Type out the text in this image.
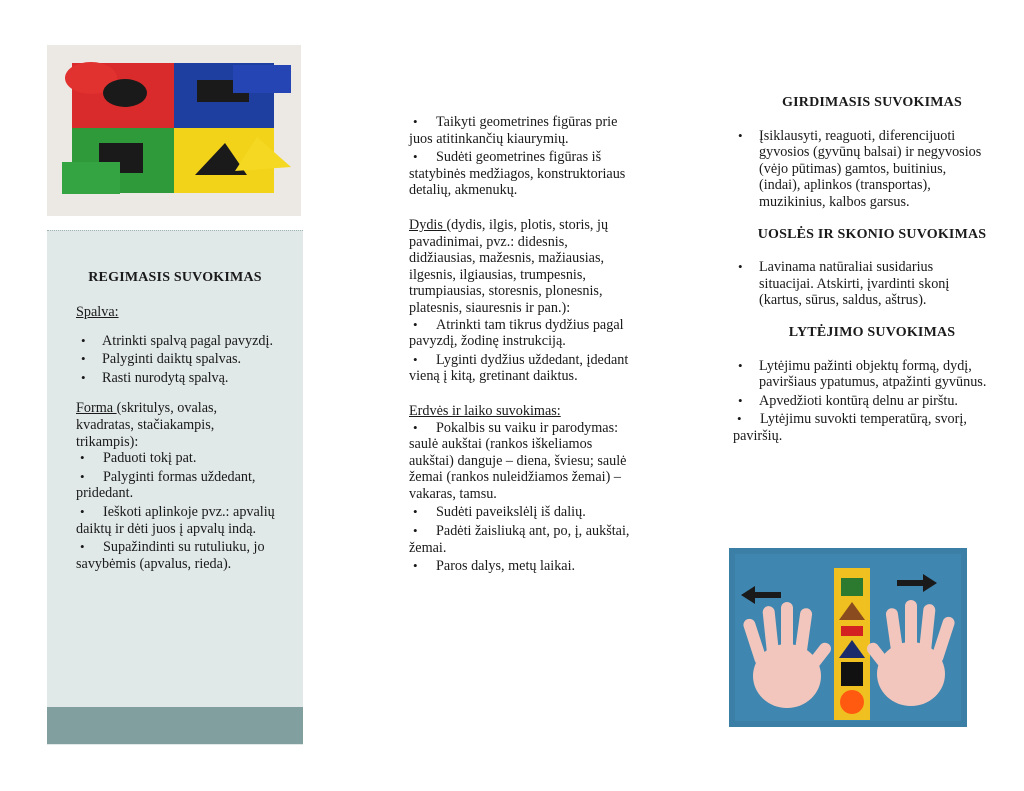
REGIMASIS SUVOKIMAS

Spalva:

• Atrinkti spalvą pagal pavyzdį.
• Palyginti daiktų spalvas.
• Rasti nurodytą spalvą.

Forma (skritulys, ovalas, kvadratas, stačiakampis, trikampis):

• Paduoti tokį pat.
• Palyginti formas uždedant, pridedant.
• Ieškoti aplinkoje pvz.: apvalių daiktų ir dėti juos į apvalų indą.
• Supažindinti su rutuliuku, jo savybėmis (apvalus, rieda).
• Taikyti geometrines figūras prie juos atitinkančių kiaurymių.
• Sudėti geometrines figūras iš statybinės medžiagos, konstruktoriaus detalių, akmenukų.

Dydis (dydis, ilgis, plotis, storis, jų pavadinimai, pvz.: didesnis, didžiausias, mažesnis, mažiausias, ilgesnis, ilgiausias, trumpesnis, trumpiausias, storesnis, plonesnis, platesnis, siauresnis ir pan.):

• Atrinkti tam tikrus dydžius pagal pavyzdį, žodinę instrukciją.
• Lyginti dydžius uždedant, įdedant vieną į kitą, gretinant daiktus.

Erdvės ir laiko suvokimas:

• Pokalbis su vaiku ir parodymas: saulė aukštai (rankos iškeliamos aukštai) danguje – diena, šviesu; saulė žemai (rankos nuleidžiamos žemai) – vakaras, tamsu.
• Sudėti paveikslėlį iš dalių.
• Padėti žaisliuką ant, po, į, aukštai, žemai.
• Paros dalys, metų laikai.

GIRDIMASIS SUVOKIMAS

• Įsiklausyti, reaguoti, diferencijuoti gyvosios (gyvūnų balsai) ir negyvosios (vėjo pūtimas) gamtos, buitinius, (indai), aplinkos (transportas), muzikinius, kalbos garsus.

UOSLĖS IR SKONIO SUVOKIMAS

• Lavinama natūraliai susidarius situacijai. Atskirti, įvardinti skonį (kartus, sūrus, saldus, aštrus).

LYTĖJIMO SUVOKIMAS

• Lytėjimu pažinti objektų formą, dydį, paviršiaus ypatumus, atpažinti gyvūnus.
• Apvedžioti kontūrą delnu ar pirštu.
• Lytėjimu suvokti temperatūrą, svorį, paviršių.
